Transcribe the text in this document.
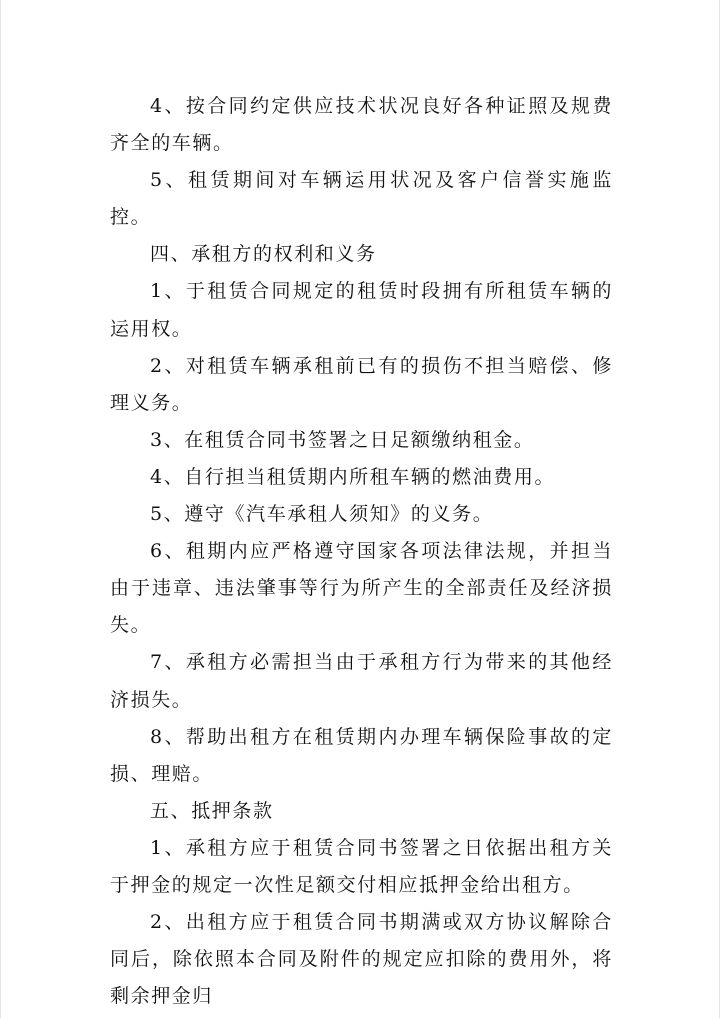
4、按合同约定供应技术状况良好各种证照及规费齐全的车辆。

5、租赁期间对车辆运用状况及客户信誉实施监控。

四、承租方的权利和义务

1、于租赁合同规定的租赁时段拥有所租赁车辆的运用权。

2、对租赁车辆承租前已有的损伤不担当赔偿、修理义务。

3、在租赁合同书签署之日足额缴纳租金。

4、自行担当租赁期内所租车辆的燃油费用。

5、遵守《汽车承租人须知》的义务。

6、租期内应严格遵守国家各项法律法规，并担当由于违章、违法肇事等行为所产生的全部责任及经济损失。

7、承租方必需担当由于承租方行为带来的其他经济损失。

8、帮助出租方在租赁期内办理车辆保险事故的定损、理赔。

五、抵押条款

1、承租方应于租赁合同书签署之日依据出租方关于押金的规定一次性足额交付相应抵押金给出租方。

2、出租方应于租赁合同书期满或双方协议解除合同后，除依照本合同及附件的规定应扣除的费用外，将剩余押金归
